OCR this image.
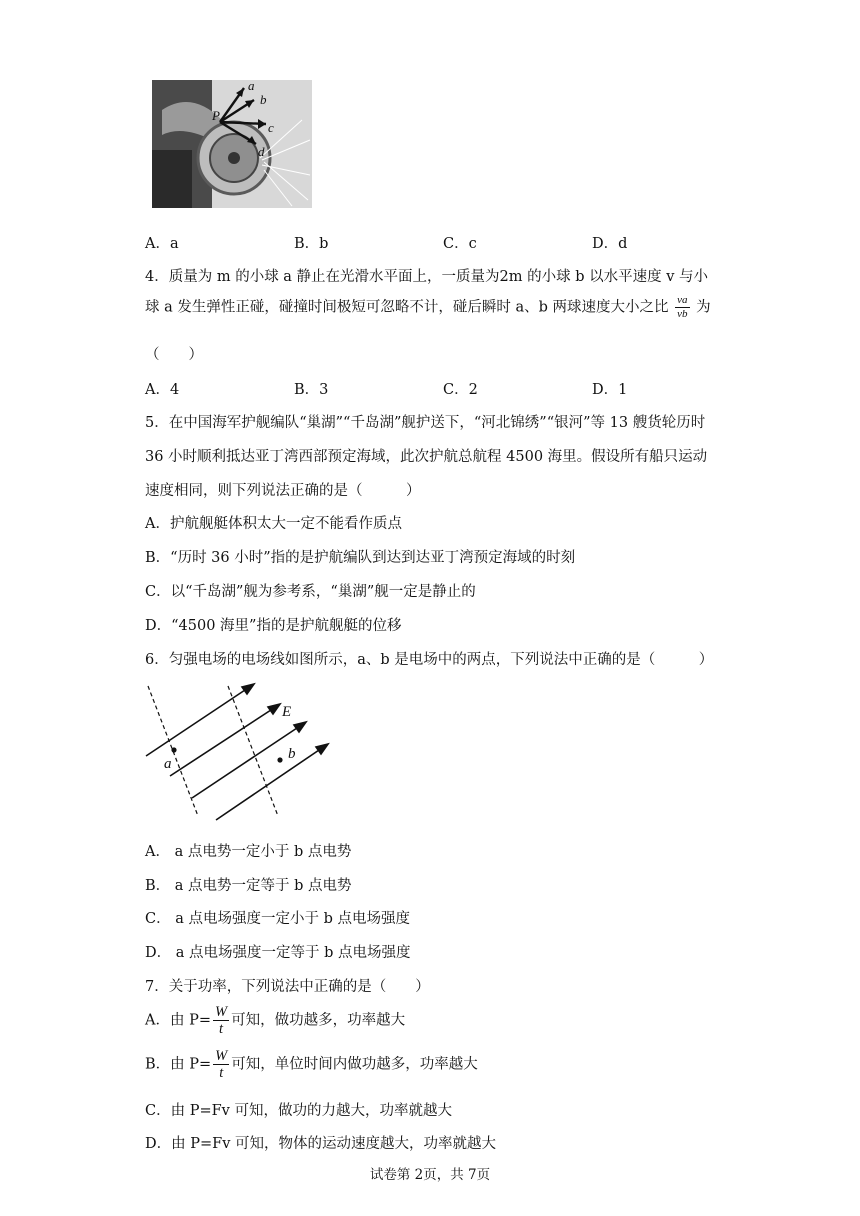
P
a
b
c
d
A．a	B．b	C．c	D．d
4．质量为 m 的小球 a 静止在光滑水平面上，一质量为2m 的小球 b 以水平速度 v 与小
球 a 发生弹性正碰，碰撞时间极短可忽略不计，碰后瞬时 a、b 两球速度大小之比 $\frac{va}{vb}$ 为
（　　）
A．4	B．3	C．2	D．1
5．在中国海军护舰编队“巢湖”“千岛湖”舰护送下，“河北锦绣”“银河”等 13 艘货轮历时
36 小时顺利抵达亚丁湾西部预定海域，此次护航总航程 4500 海里。假设所有船只运动
速度相同，则下列说法正确的是（　　　）
A．护航舰艇体积太大一定不能看作质点
B．“历时 36 小时”指的是护航编队到达到达亚丁湾预定海域的时刻
C．以“千岛湖”舰为参考系，“巢湖”舰一定是静止的
D．“4500 海里”指的是护航舰艇的位移
6．匀强电场的电场线如图所示，a、b 是电场中的两点，下列说法中正确的是（　　　）
E
a
b
A． a 点电势一定小于 b 点电势
B． a 点电势一定等于 b 点电势
C． a 点电场强度一定小于 b 点电场强度
D． a 点电场强度一定等于 b 点电场强度
7．关于功率，下列说法中正确的是（　　）
A．由 $P= \frac{W}{t}$ 可知，做功越多，功率越大
B．由 $P= \frac{W}{t}$ 可知，单位时间内做功越多，功率越大
C．由 P=Fv 可知，做功的力越大，功率就越大
D．由 P=Fv 可知，物体的运动速度越大，功率就越大
试卷第 2页，共 7页
